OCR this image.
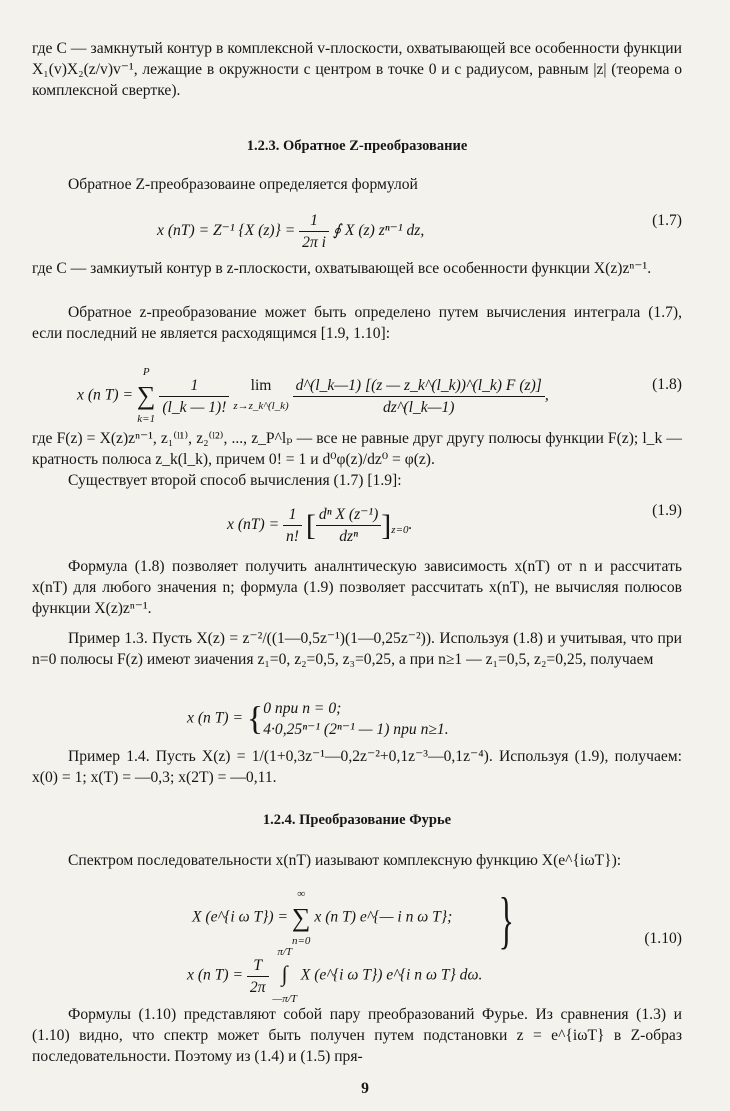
где C — замкнутый контур в комплексной v-плоскости, охватывающей все особенности функции X₁(v)X₂(z/v)v⁻¹, лежащие в окружности с центром в точке 0 и с радиусом, равным |z| (теорема о комплексной свертке).
1.2.3. Обратное Z-преобразование
Обратное Z-преобразоваине определяется формулой
x (nT) = Z⁻¹ {X $(z)\} = \frac{1}{\text{2π i}}$ ∮ X (z) zⁿ⁻¹ dz,
(1.7)
где C — замкиутый контур в z-плоскости, охватывающей все особенности функции X(z)zⁿ⁻¹.
Обратное z-преобразование может быть определено путем вычисления интеграла (1.7), если последний не является расходящимся [1.9, 1.10]:
x (n T) =
P
∑
k=1

$\frac{1}{(l\_k — 1)!}$
	lim
z→z_k^(l_k)
$\frac{d\^{}(l\_k—1) [(z — z\_k\^{}(l\_k))\^{}(l\_k) F (z)]}{dz\^{}(l\_k—1)}$ ,
(1.8)
где F(z) = X(z)zⁿ⁻¹, z₁⁽ˡ¹⁾, z₂⁽ˡ²⁾, ..., z_P^lₚ — все не равные друг другу полюсы функции F(z); l_k — кратность полюса z_k(l_k), причем 0! = 1 и d⁰φ(z)/dz⁰ = φ(z).
Существует второй способ вычисления (1.7) [1.9]:
x $(nT) = \frac{1}{n!}$ [ $\frac{\text{dⁿ X (z⁻¹)}}{\text{dzⁿ}} ]_{z=0}$.
(1.9)
Формула (1.8) позволяет получить аналнтическую зависимость x(nT) от n и рассчитать x(nT) для любого значения n; формула (1.9) позволяет рассчитать x(nT), не вычисляя полюсов функции X(z)zⁿ⁻¹.
Пример 1.3. Пусть X(z) = z⁻²/((1—0,5z⁻¹)(1—0,25z⁻²)). Используя (1.8) и учитывая, что при n=0 полюсы F(z) имеют зиачения z₁=0, z₂=0,5, z₃=0,25, а при n≥1 — z₁=0,5, z₂=0,25, получаем
x (n T) = { 0 при n = 0;
4·0,25ⁿ⁻¹ (2ⁿ⁻¹ — 1) при n≥1.
Пример 1.4. Пусть X(z) = 1/(1+0,3z⁻¹—0,2z⁻²+0,1z⁻³—0,1z⁻⁴). Используя (1.9), получаем: x(0) = 1; x(T) = —0,3; x(2T) = —0,11.
1.2.4. Преобразование Фурье
Спектром последовательности x(nT) иазывают комплексную функцию X(e^{iωT}):
X (e^{i ω T}) =
∞
∑
n=0
x (n T) e^{— i n ω T};
x (n $T) = \frac{T}{2\pi}$

π/T
∫
—π/T
X (e^{i ω T}) e^{i n ω T} dω.
}	(1.10)
Формулы (1.10) представляют собой пару преобразований Фурье. Из сравнения (1.3) и (1.10) видно, что спектр может быть получен путем подстановки z = e^{iωT} в Z-образ последовательности. Поэтому из (1.4) и (1.5) пря-
9
